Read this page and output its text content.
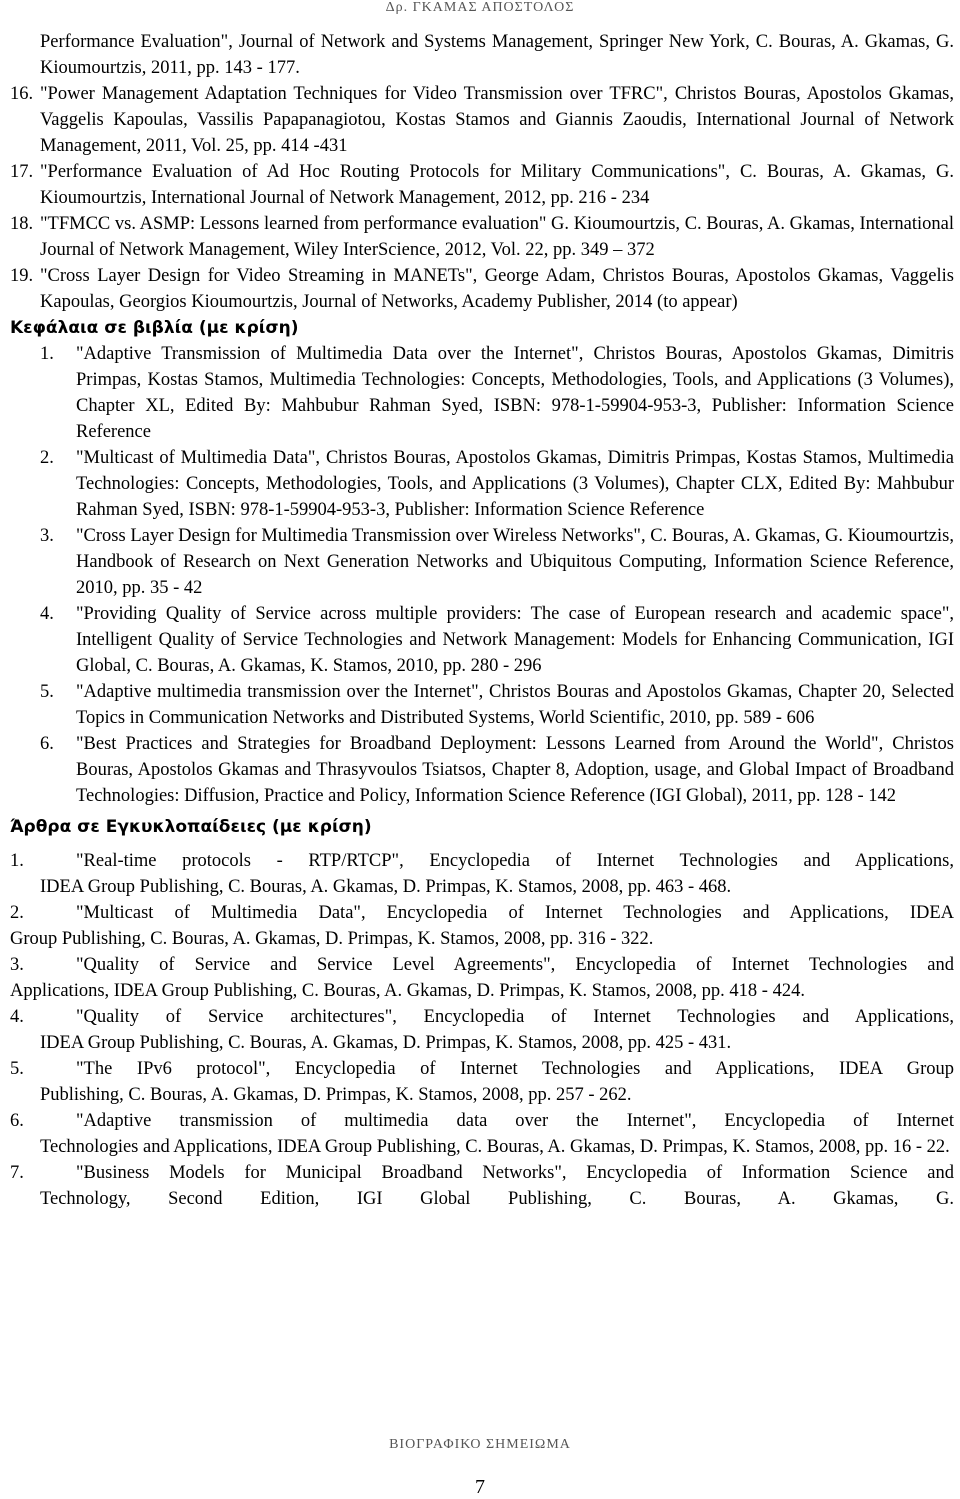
Δρ. ΓΚΑΜΑΣ ΑΠΟΣΤΟΛΟΣ

Performance Evaluation", Journal of Network and Systems Management, Springer New York, C. Bouras, A. Gkamas, G. Kioumourtzis, 2011, pp. 143 - 177.

16. "Power Management Adaptation Techniques for Video Transmission over TFRC", Christos Bouras, Apostolos Gkamas, Vaggelis Kapoulas, Vassilis Papapanagiotou, Kostas Stamos and Giannis Zaoudis, International Journal of Network Management, 2011, Vol. 25, pp. 414 -431
17. "Performance Evaluation of Ad Hoc Routing Protocols for Military Communications", C. Bouras, A. Gkamas, G. Kioumourtzis, International Journal of Network Management, 2012, pp. 216 - 234
18. "TFMCC vs. ASMP: Lessons learned from performance evaluation" G. Kioumourtzis, C. Bouras, A. Gkamas, International Journal of Network Management, Wiley InterScience, 2012, Vol. 22, pp. 349 – 372
19. "Cross Layer Design for Video Streaming in MANETs", George Adam, Christos Bouras, Apostolos Gkamas, Vaggelis Kapoulas, Georgios Kioumourtzis, Journal of Networks, Academy Publisher, 2014 (to appear)

Κεφάλαια σε βιβλία (με κρίση)

1.	"Adaptive Transmission of Multimedia Data over the Internet", Christos Bouras, Apostolos Gkamas, Dimitris Primpas, Kostas Stamos, Multimedia Technologies: Concepts, Methodologies, Tools, and Applications (3 Volumes), Chapter XL, Edited By: Mahbubur Rahman Syed, ISBN: 978-1-59904-953-3, Publisher: Information Science Reference
2.	"Multicast of Multimedia Data", Christos Bouras, Apostolos Gkamas, Dimitris Primpas, Kostas Stamos, Multimedia Technologies: Concepts, Methodologies, Tools, and Applications (3 Volumes), Chapter CLX, Edited By: Mahbubur Rahman Syed, ISBN: 978-1-59904-953-3, Publisher: Information Science Reference
3.	"Cross Layer Design for Multimedia Transmission over Wireless Networks", C. Bouras, A. Gkamas, G. Kioumourtzis, Handbook of Research on Next Generation Networks and Ubiquitous Computing, Information Science Reference, 2010, pp. 35 - 42
4.	"Providing Quality of Service across multiple providers: The case of European research and academic space", Intelligent Quality of Service Technologies and Network Management: Models for Enhancing Communication, IGI Global, C. Bouras, A. Gkamas, K. Stamos, 2010, pp. 280 - 296
5.	"Adaptive multimedia transmission over the Internet", Christos Bouras and Apostolos Gkamas, Chapter 20, Selected Topics in Communication Networks and Distributed Systems, World Scientific, 2010, pp. 589 - 606
6.	"Best Practices and Strategies for Broadband Deployment: Lessons Learned from Around the World", Christos Bouras, Apostolos Gkamas and Thrasyvoulos Tsiatsos, Chapter 8, Adoption, usage, and Global Impact of Broadband Technologies: Diffusion, Practice and Policy, Information Science Reference (IGI Global), 2011, pp. 128 - 142

Άρθρα σε Εγκυκλοπαίδειες (με κρίση)

1.	"Real-time protocols - RTP/RTCP", Encyclopedia of Internet Technologies and Applications,
IDEA Group Publishing, C. Bouras, A. Gkamas, D. Primpas, K. Stamos, 2008, pp. 463 - 468.
2.	"Multicast of Multimedia Data", Encyclopedia of Internet Technologies and Applications, IDEA
Group Publishing, C. Bouras, A. Gkamas, D. Primpas, K. Stamos, 2008, pp. 316 - 322.
3.	"Quality of Service and Service Level Agreements", Encyclopedia of Internet Technologies and
Applications, IDEA Group Publishing, C. Bouras, A. Gkamas, D. Primpas, K. Stamos, 2008, pp. 418 - 424.
4.	"Quality of Service architectures", Encyclopedia of Internet Technologies and Applications,
IDEA Group Publishing, C. Bouras, A. Gkamas, D. Primpas, K. Stamos, 2008, pp. 425 - 431.
5.	"The IPv6 protocol", Encyclopedia of Internet Technologies and Applications, IDEA Group
Publishing, C. Bouras, A. Gkamas, D. Primpas, K. Stamos, 2008, pp. 257 - 262.
6.	"Adaptive transmission of multimedia data over the Internet", Encyclopedia of Internet
Technologies and Applications, IDEA Group Publishing, C. Bouras, A. Gkamas, D. Primpas, K. Stamos, 2008, pp. 16 - 22.
7.	"Business Models for Municipal Broadband Networks", Encyclopedia of Information Science and
Technology, Second Edition, IGI Global Publishing, C. Bouras, A. Gkamas, G.
ΒΙΟΓΡΑΦΙΚΟ ΣΗΜΕΙΩΜΑ
7
